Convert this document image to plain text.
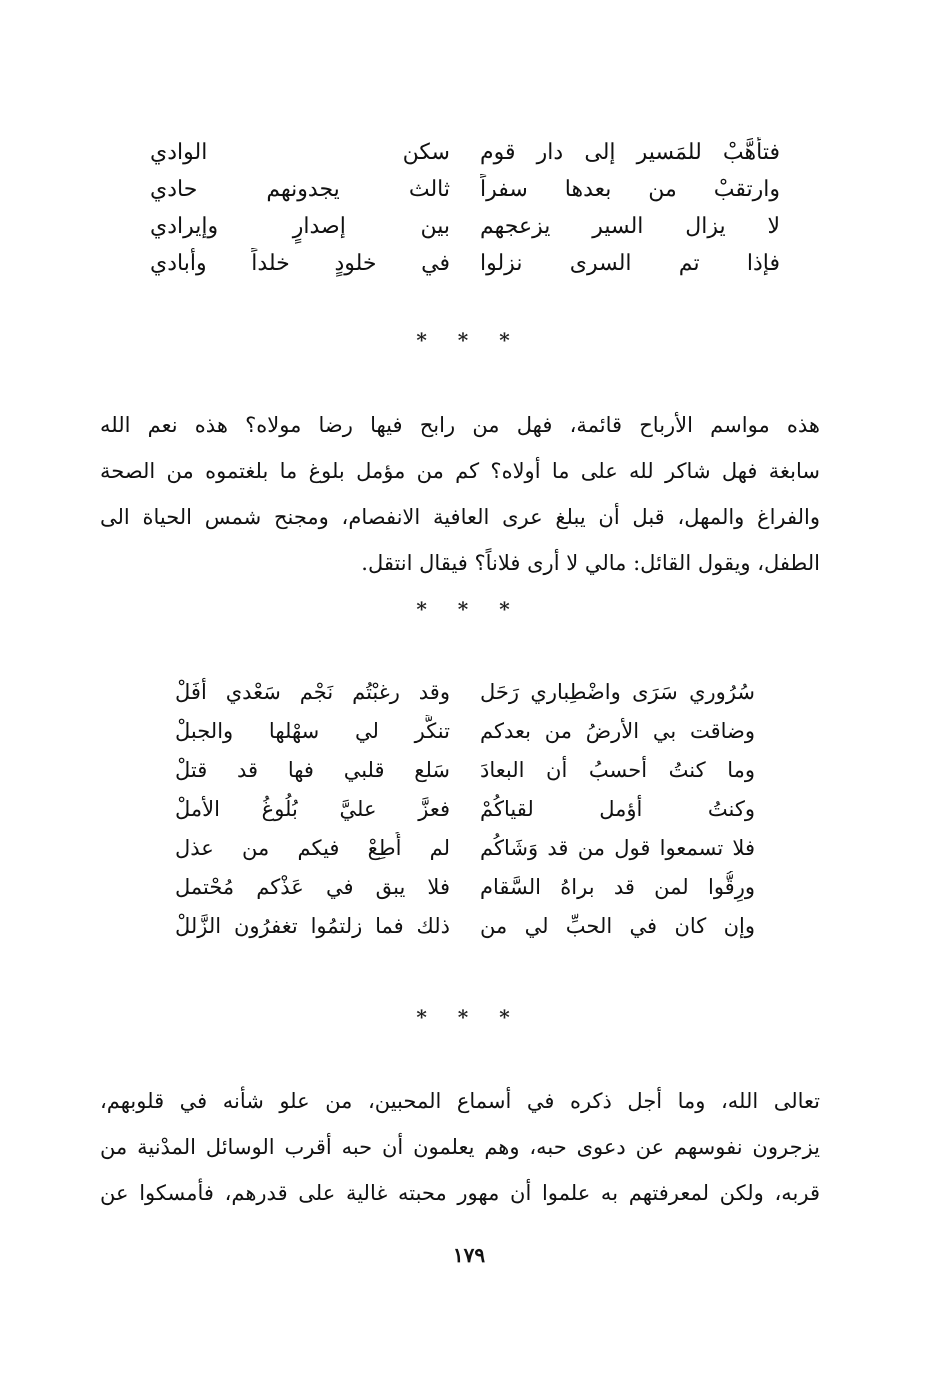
فتأهَّبْ للمَسير إلى دار قوم
سكن الوادي
وارتقبْ من بعدها سفراً
ثالث يجدونهم حادي
لا يزال السير يزعجهم
بين إصدارٍ وإيرادي
فإذا تم السرى نزلوا
في خلودٍ خلداً وأبادي
* * *
هذه مواسم الأرباح قائمة، فهل من رابح فيها رضا مولاه؟ هذه نعم الله
سابغة فهل شاكر لله على ما أولاه؟ كم من مؤمل بلوغ ما بلغتموه من الصحة
والفراغ والمهل، قبل أن يبلغ عرى العافية الانفصام، ومجنح شمس الحياة الى
الطفل، ويقول القائل: مالي لا أرى فلاناً؟ فيقال انتقل.
* * *
سُرُوري سَرَى واضْطِباري رَحَل
وقد رغبْتُم نَجْم سَعْدي أفَلْ
وضاقت بي الأرضُ من بعدكم
تنكَّر لي سهْلها والجبلْ
وما كنتُ أحسبُ أن البعادَ
سَلع قلبي فها قد قتلْ
وكنتُ أؤمل لقياكُمْ
فعزَّ عليَّ بُلُوغُ الأملْ
فلا تسمعوا قول من قد وَشَاكُم
لم أُطِعْ فيكم من عذل
ورِقُّوا لمن قد براهُ السَّقام
فلا يبق في عَذْكم مُحْتمل
وإن كان في الحبِّ لي من
ذلك فما زلتمُوا تغفرُون الزَّللْ
* * *
تعالى الله، وما أجل ذكره في أسماع المحبين، من علو شأنه في قلوبهم،
يزجرون نفوسهم عن دعوى حبه، وهم يعلمون أن حبه أقرب الوسائل المدْنية من
قربه، ولكن لمعرفتهم به علموا أن مهور محبته غالية على قدرهم، فأمسكوا عن
١٧٩
